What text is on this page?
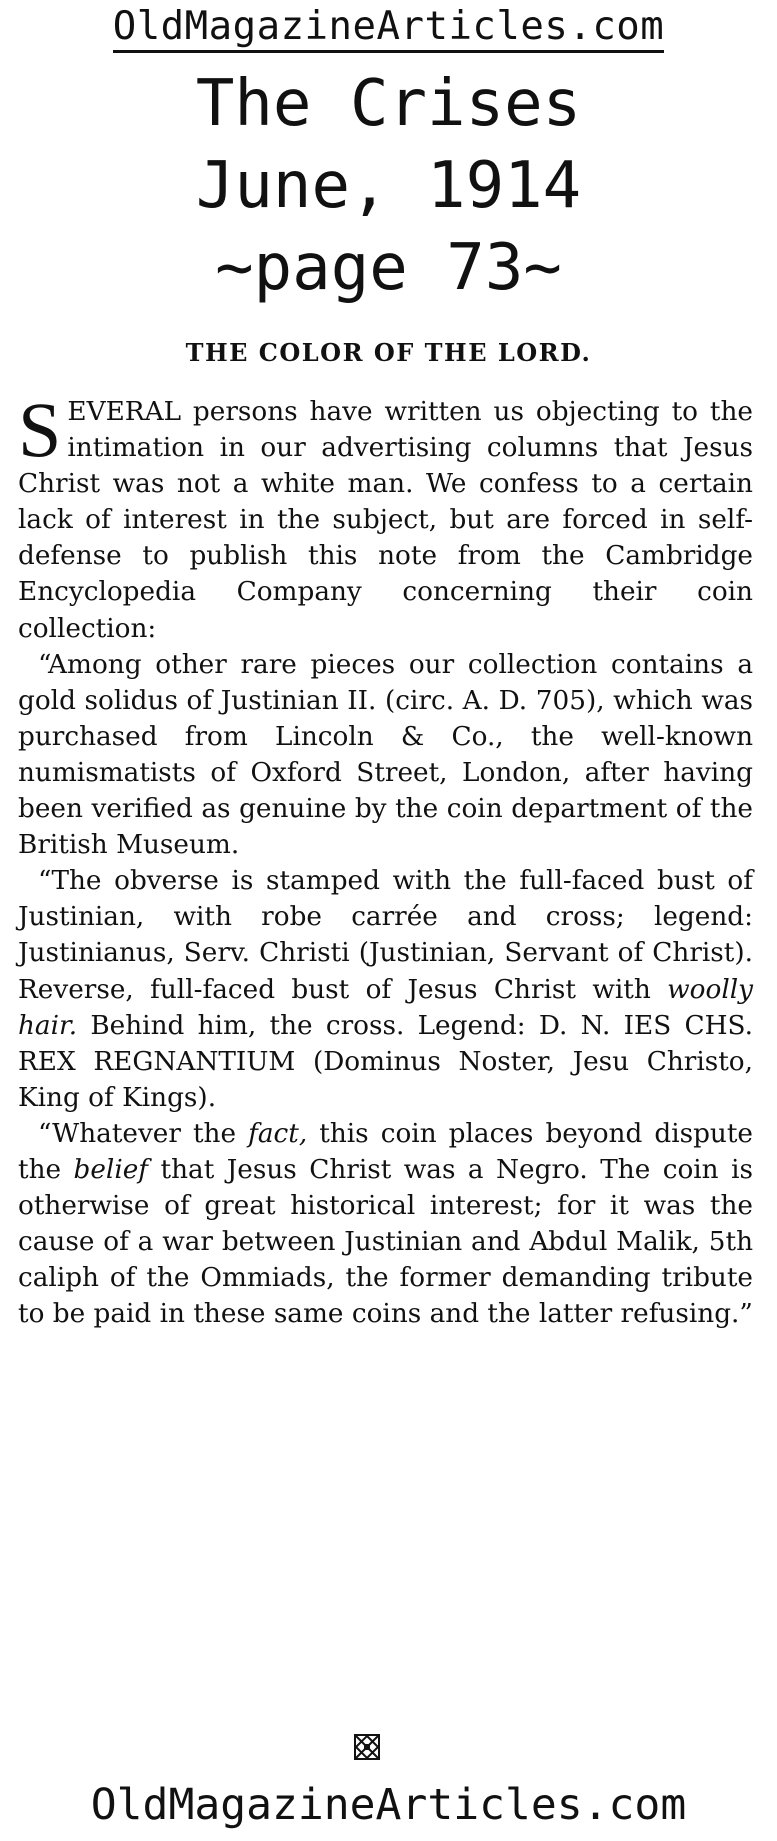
OldMagazineArticles.com
The Crises
June, 1914
~page 73~
THE COLOR OF THE LORD.

SEVERAL persons have written us objecting to the intimation in our advertising columns that Jesus Christ was not a white man. We confess to a certain lack of interest in the subject, but are forced in self-defense to publish this note from the Cambridge Encyclopedia Company concerning their coin collection:

“Among other rare pieces our collection contains a gold solidus of Justinian II. (circ. A. D. 705), which was purchased from Lincoln & Co., the well-known numismatists of Oxford Street, London, after having been verified as genuine by the coin department of the British Museum.

“The obverse is stamped with the full-faced bust of Justinian, with robe carrée and cross; legend: Justinianus, Serv. Christi (Justinian, Servant of Christ). Reverse, full-faced bust of Jesus Christ with woolly hair. Behind him, the cross. Legend: D. N. IES CHS. REX REGNANTIUM (Dominus Noster, Jesu Christo, King of Kings).

“Whatever the fact, this coin places beyond dispute the belief that Jesus Christ was a Negro. The coin is otherwise of great historical interest; for it was the cause of a war between Justinian and Abdul Malik, 5th caliph of the Ommiads, the former demanding tribute to be paid in these same coins and the latter refusing.”

OldMagazineArticles.com
